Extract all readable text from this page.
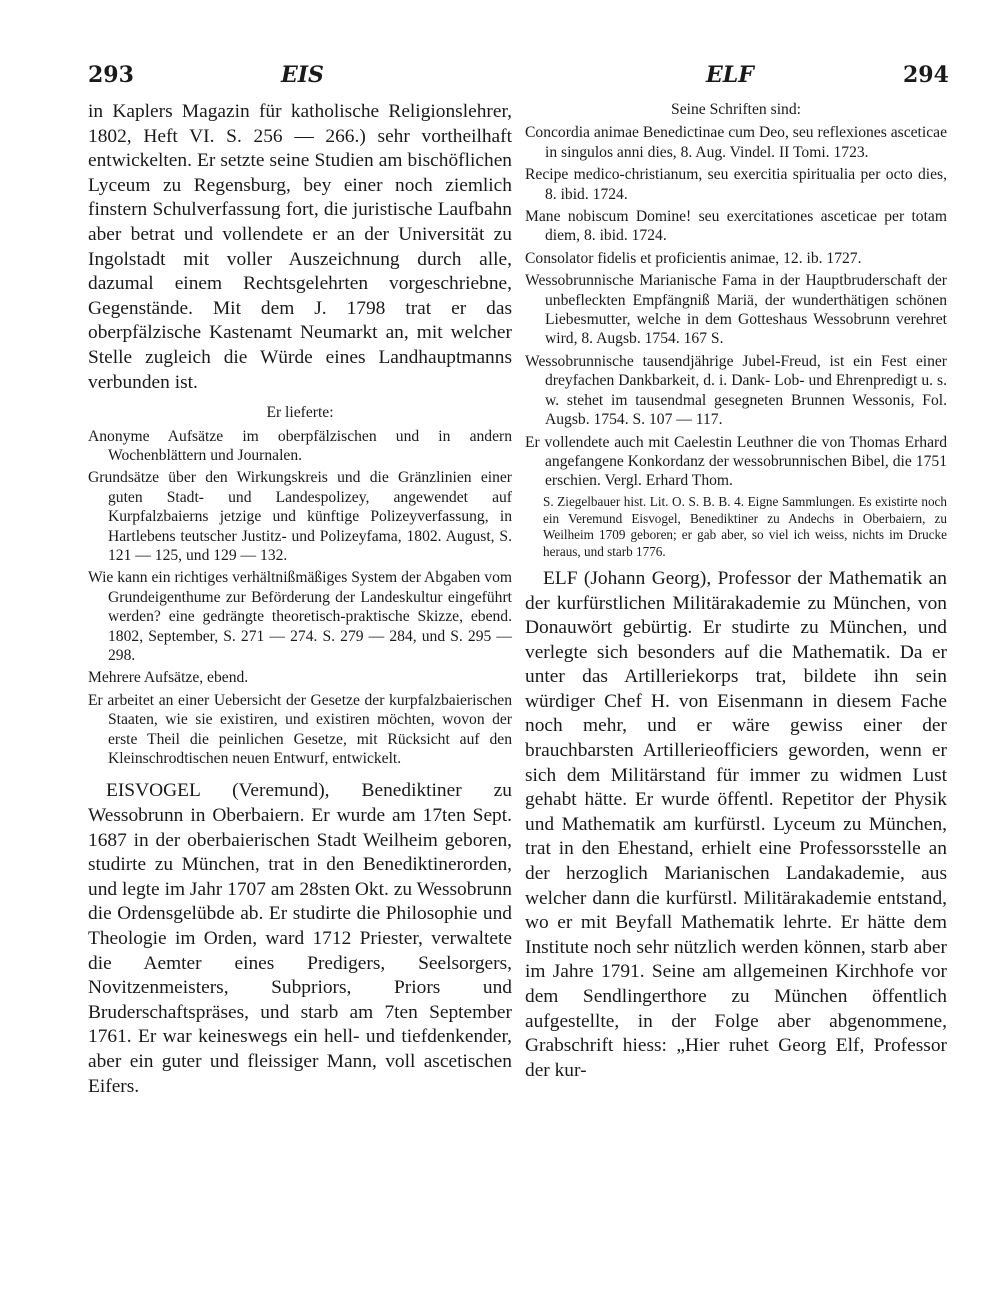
293	EIS	ELF	294
in Kaplers Magazin für katholische Religionslehrer, 1802, Heft VI. S. 256 — 266.) sehr vortheilhaft entwickelten. Er setzte seine Studien am bischöflichen Lyceum zu Regensburg, bey einer noch ziemlich finstern Schulverfassung fort, die juristische Laufbahn aber betrat und vollendete er an der Universität zu Ingolstadt mit voller Auszeichnung durch alle, dazumal einem Rechtsgelehrten vorgeschriebne, Gegenstände. Mit dem J. 1798 trat er das oberpfälzische Kastenamt Neumarkt an, mit welcher Stelle zugleich die Würde eines Landhauptmanns verbunden ist.
Er lieferte:

Anonyme Aufsätze im oberpfälzischen und in andern Wochenblättern und Journalen.

Grundsätze über den Wirkungskreis und die Gränzlinien einer guten Stadt- und Landespolizey, angewendet auf Kurpfalzbaierns jetzige und künftige Polizeyverfassung, in Hartlebens teutscher Justitz- und Polizeyfama, 1802. August, S. 121 — 125, und 129 — 132.

Wie kann ein richtiges verhältnißmäßiges System der Abgaben vom Grundeigenthume zur Beförderung der Landeskultur eingeführt werden? eine gedrängte theoretisch-praktische Skizze, ebend. 1802, September, S. 271 — 274. S. 279 — 284, und S. 295 — 298.

Mehrere Aufsätze, ebend.

Er arbeitet an einer Uebersicht der Gesetze der kurpfalzbaierischen Staaten, wie sie existiren, und existiren möchten, wovon der erste Theil die peinlichen Gesetze, mit Rücksicht auf den Kleinschrodtischen neuen Entwurf, entwickelt.

EISVOGEL (Veremund), Benediktiner zu Wessobrunn in Oberbaiern. Er wurde am 17ten Sept. 1687 in der oberbaierischen Stadt Weilheim geboren, studirte zu München, trat in den Benediktinerorden, und legte im Jahr 1707 am 28sten Okt. zu Wessobrunn die Ordensgelübde ab. Er studirte die Philosophie und Theologie im Orden, ward 1712 Priester, verwaltete die Aemter eines Predigers, Seelsorgers, Novitzenmeisters, Subpriors, Priors und Bruderschaftspräses, und starb am 7ten September 1761. Er war keineswegs ein hell- und tiefdenkender, aber ein guter und fleissiger Mann, voll ascetischen Eifers.
Seine Schriften sind:

Concordia animae Benedictinae cum Deo, seu reflexiones asceticae in singulos anni dies, 8. Aug. Vindel. II Tomi. 1723.

Recipe medico-christianum, seu exercitia spiritualia per octo dies, 8. ibid. 1724.

Mane nobiscum Domine! seu exercitationes asceticae per totam diem, 8. ibid. 1724.

Consolator fidelis et proficientis animae, 12. ib. 1727.

Wessobrunnische Marianische Fama in der Hauptbruderschaft der unbefleckten Empfängniß Mariä, der wunderthätigen schönen Liebesmutter, welche in dem Gotteshaus Wessobrunn verehret wird, 8. Augsb. 1754. 167 S.

Wessobrunnische tausendjährige Jubel-Freud, ist ein Fest einer dreyfachen Dankbarkeit, d. i. Dank- Lob- und Ehrenpredigt u. s. w. stehet im tausendmal gesegneten Brunnen Wessonis, Fol. Augsb. 1754. S. 107 — 117.

Er vollendete auch mit Caelestin Leuthner die von Thomas Erhard angefangene Konkordanz der wessobrunnischen Bibel, die 1751 erschien. Vergl. Erhard Thom.

S. Ziegelbauer hist. Lit. O. S. B. B. 4. Eigne Sammlungen. Es existirte noch ein Veremund Eisvogel, Benediktiner zu Andechs in Oberbaiern, zu Weilheim 1709 geboren; er gab aber, so viel ich weiss, nichts im Drucke heraus, und starb 1776.
ELF (Johann Georg), Professor der Mathematik an der kurfürstlichen Militärakademie zu München, von Donauwört gebürtig. Er studirte zu München, und verlegte sich besonders auf die Mathematik. Da er unter das Artilleriekorps trat, bildete ihn sein würdiger Chef H. von Eisenmann in diesem Fache noch mehr, und er wäre gewiss einer der brauchbarsten Artillerieofficiers geworden, wenn er sich dem Militärstand für immer zu widmen Lust gehabt hätte. Er wurde öffentl. Repetitor der Physik und Mathematik am kurfürstl. Lyceum zu München, trat in den Ehestand, erhielt eine Professorsstelle an der herzoglich Marianischen Landakademie, aus welcher dann die kurfürstl. Militärakademie entstand, wo er mit Beyfall Mathematik lehrte. Er hätte dem Institute noch sehr nützlich werden können, starb aber im Jahre 1791. Seine am allgemeinen Kirchhofe vor dem Sendlingerthore zu München öffentlich aufgestellte, in der Folge aber abgenommene, Grabschrift hiess: „Hier ruhet Georg Elf, Professor der kur-
